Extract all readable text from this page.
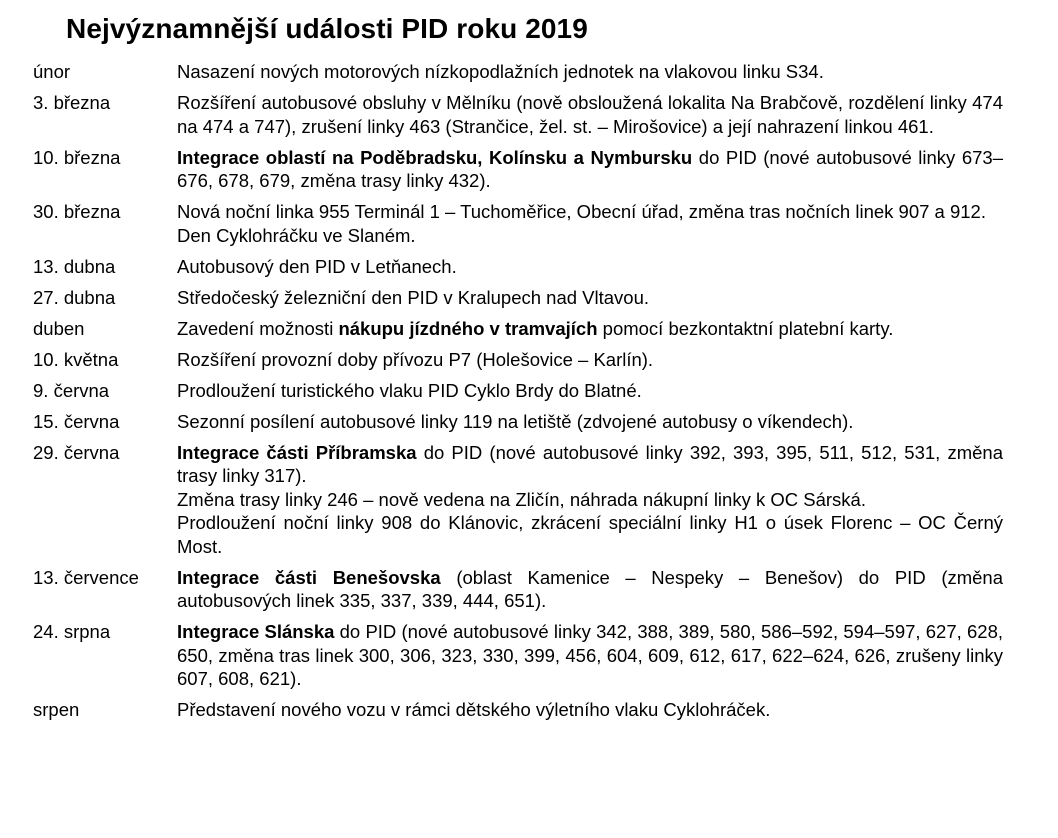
Nejvýznamnější události PID roku 2019
únor	Nasazení nových motorových nízkopodlažních jednotek na vlakovou linku S34.

3. března	Rozšíření autobusové obsluhy v Mělníku (nově obsloužená lokalita Na Brabčově, rozdělení linky 474 na 474 a 747), zrušení linky 463 (Strančice, žel. st. – Mirošovice) a její nahrazení linkou 461.

10. března	Integrace oblastí na Poděbradsku, Kolínsku a Nymbursku do PID (nové autobusové linky 673–676, 678, 679, změna trasy linky 432).

30. března	Nová noční linka 955 Terminál 1 – Tuchoměřice, Obecní úřad, změna tras nočních linek 907 a 912.
Den Cyklohráčku ve Slaném.

13. dubna	Autobusový den PID v Letňanech.

27. dubna	Středočeský železniční den PID v Kralupech nad Vltavou.

duben	Zavedení možnosti nákupu jízdného v tramvajích pomocí bezkontaktní platební karty.

10. května	Rozšíření provozní doby přívozu P7 (Holešovice – Karlín).

9. června	Prodloužení turistického vlaku PID Cyklo Brdy do Blatné.

15. června	Sezonní posílení autobusové linky 119 na letiště (zdvojené autobusy o víkendech).

29. června	Integrace části Příbramska do PID (nové autobusové linky 392, 393, 395, 511, 512, 531, změna trasy linky 317).
Změna trasy linky 246 – nově vedena na Zličín, náhrada nákupní linky k OC Sárská.
Prodloužení noční linky 908 do Klánovic, zkrácení speciální linky H1 o úsek Florenc – OC Černý Most.

13. července	Integrace části Benešovska (oblast Kamenice – Nespeky – Benešov) do PID (změna autobusových linek 335, 337, 339, 444, 651).

24. srpna	Integrace Slánska do PID (nové autobusové linky 342, 388, 389, 580, 586–592, 594–597, 627, 628, 650, změna tras linek 300, 306, 323, 330, 399, 456, 604, 609, 612, 617, 622–624, 626, zrušeny linky 607, 608, 621).

srpen	Představení nového vozu v rámci dětského výletního vlaku Cyklohráček.
